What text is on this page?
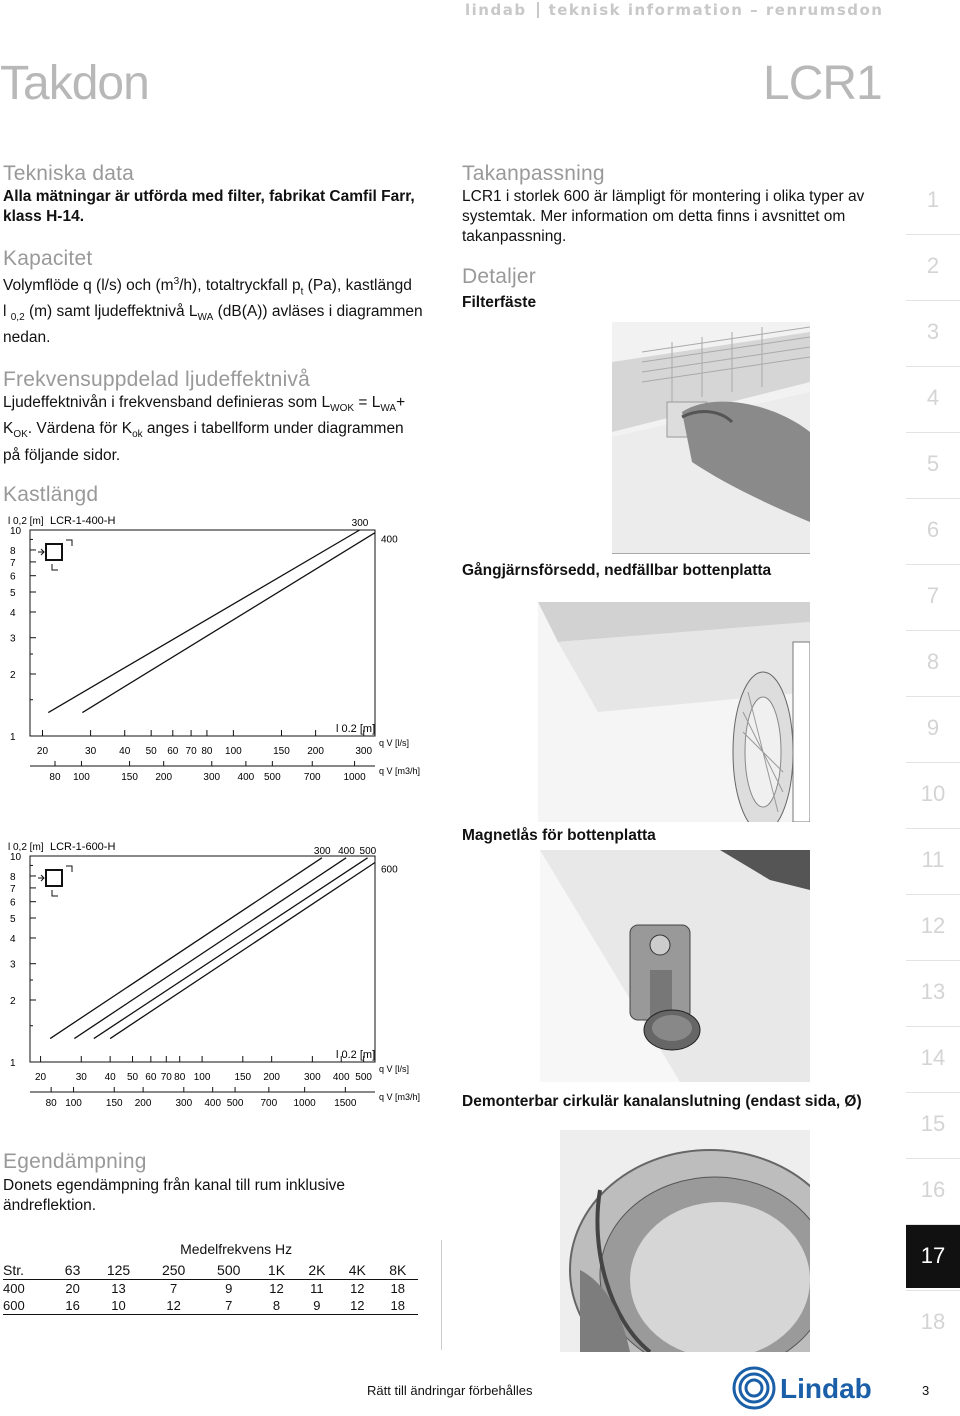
lindab teknisk information – renrumsdon
Takdon	LCR1
Tekniska data
Alla mätningar är utförda med filter, fabrikat Camfil Farr, klass H-14.
Kapacitet
Volymflöde q (l/s) och $(m^3/h)$, totaltryckfall $p_t$ (Pa), kastlängd
l $_{0,2}$ (m) samt ljudeffektnivå $L_{WA}$ (dB(A)) avläses i diagrammen
nedan.
Frekvensuppdelad ljudeffektnivå
Ljudeffektnivån i frekvensband definieras som $L_{WOK} = L_{WA}+$
$K_{OK}$. Värdena för $K_{ok}$ anges i tabellform under diagrammen
på följande sidor.
Kastlängd
10
8
7
6
5
4
3
2
1
20	30 40 50 60 70 80 100	150 200	300
80 100	150 200	300 400 500 700 1000
l 0,2 [m] LCR-1-400-H
l 0.2 [m]
q V [l/s]
q V [m3/h]
300
400
10
8
7
6
5
4
3
2
1
20	30 40 50 60 70 80 100 150 200 300 400 500
80 100 150 200 300 400 500 700 1000 1500
l 0,2 [m] LCR-1-600-H
l 0.2 [m]
q V [l/s]
q V [m3/h]
300 400 500
600
Egendämpning
Donets egendämpning från kanal till rum inklusive ändreflektion.
	Medelfrekvens Hz							
Str.	63	125	250	500	1K	2K	4K	8K
400	20	13	7	9	12	11	12	18
600	16	10	12	7	8	9	12	18
Takanpassning
LCR1 i storlek 600 är lämpligt för montering i olika typer av systemtak. Mer information om detta finns i avsnittet om takanpassning.
Detaljer
Filterfäste
Gångjärnsförsedd, nedfällbar bottenplatta
Magnetlås för bottenplatta
Demonterbar cirkulär kanalanslutning (endast sida, Ø)
1
2
3
4
5
6
7
8
9
10
11
12
13
14
15
16
17
18
Rätt till ändringar förbehålles	Lindab	3
